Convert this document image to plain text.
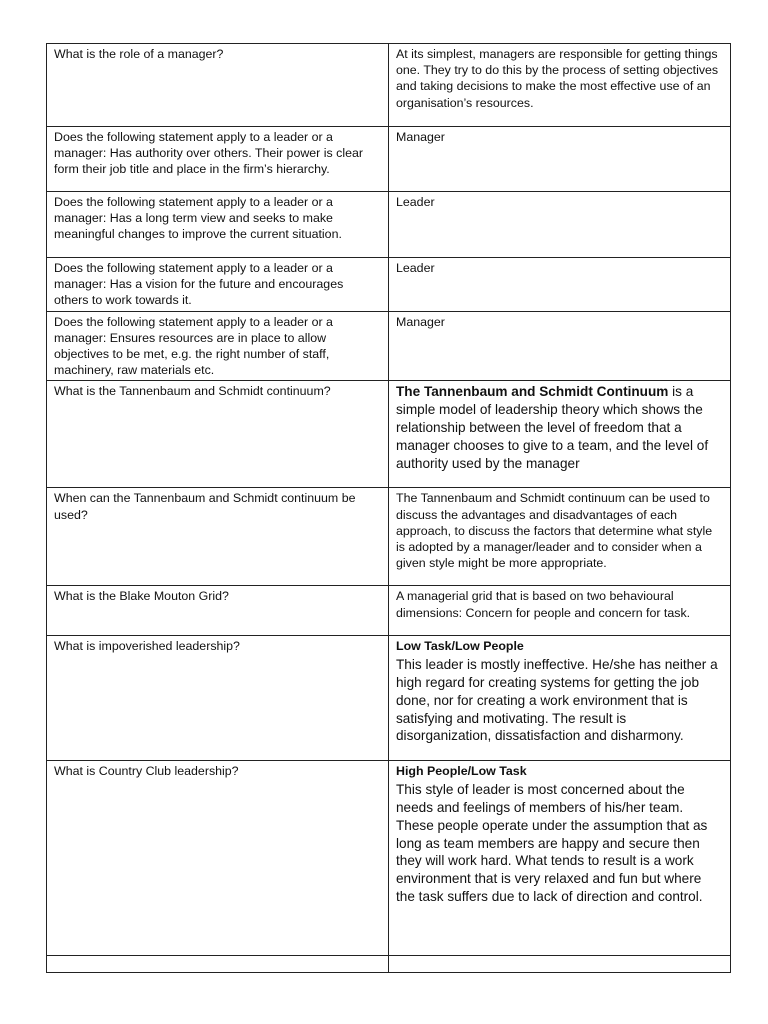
What is the role of a manager?	At its simplest, managers are responsible for getting things one. They try to do this by the process of setting objectives and taking decisions to make the most effective use of an organisation’s resources.
Does the following statement apply to a leader or a manager: Has authority over others. Their power is clear form their job title and place in the firm’s hierarchy.	Manager
Does the following statement apply to a leader or a manager: Has a long term view and seeks to make meaningful changes to improve the current situation.	Leader
Does the following statement apply to a leader or a manager: Has a vision for the future and encourages others to work towards it.	Leader
Does the following statement apply to a leader or a manager: Ensures resources are in place to allow objectives to be met, e.g. the right number of staff, machinery, raw materials etc.	Manager
What is the Tannenbaum and Schmidt continuum?	The Tannenbaum and Schmidt Continuum is a simple model of leadership theory which shows the relationship between the level of freedom that a manager chooses to give to a team, and the level of authority used by the manager
When can the Tannenbaum and Schmidt continuum be used?	The Tannenbaum and Schmidt continuum can be used to discuss the advantages and disadvantages of each approach, to discuss the factors that determine what style is adopted by a manager/leader and to consider when a given style might be more appropriate.
What is the Blake Mouton Grid?	A managerial grid that is based on two behavioural dimensions: Concern for people and concern for task.
What is impoverished leadership?	Low Task/Low People
This leader is mostly ineffective. He/she has neither a high regard for creating systems for getting the job done, nor for creating a work environment that is satisfying and motivating. The result is disorganization, dissatisfaction and disharmony.
What is Country Club leadership?	High People/Low Task
This style of leader is most concerned about the needs and feelings of members of his/her team. These people operate under the assumption that as long as team members are happy and secure then they will work hard. What tends to result is a work environment that is very relaxed and fun but where the task suffers due to lack of direction and control.
